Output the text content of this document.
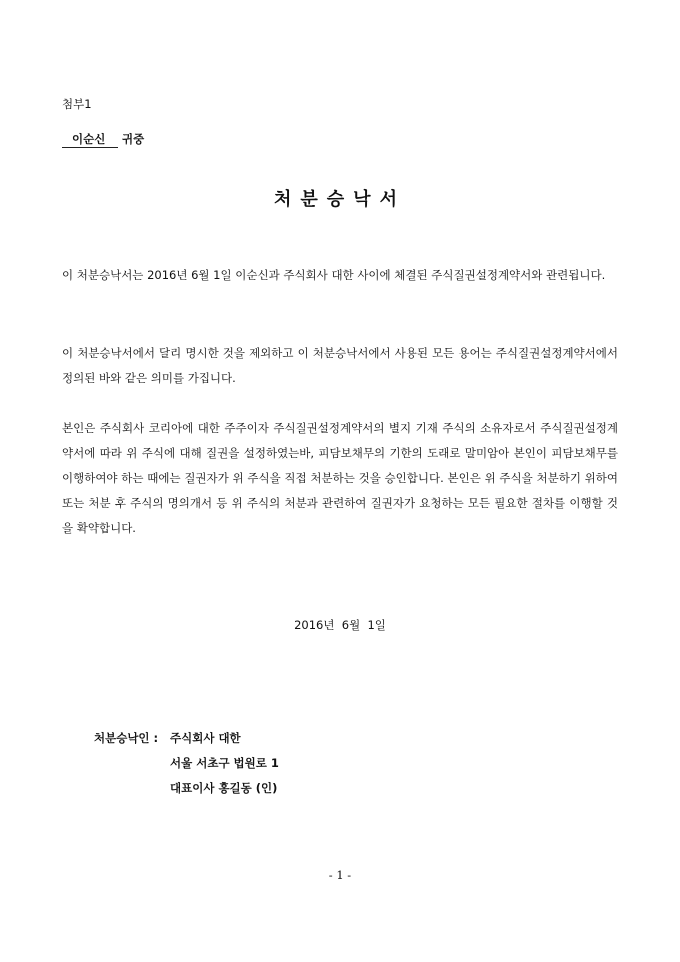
첨부1
이순신	귀중
처분승낙서
이 처분승낙서는 2016년 6월 1일 이순신과 주식회사 대한 사이에 체결된 주식질권설정계약서와 관련됩니다.
이 처분승낙서에서 달리 명시한 것을 제외하고 이 처분승낙서에서 사용된 모든 용어는 주식질권설정계약서에서 정의된 바와 같은 의미를 가집니다.
본인은 주식회사 코리아에 대한 주주이자 주식질권설정계약서의 별지 기재 주식의 소유자로서 주식질권설정계약서에 따라 위 주식에 대해 질권을 설정하였는바, 피담보채무의 기한의 도래로 말미암아 본인이 피담보채무를 이행하여야 하는 때에는 질권자가 위 주식을 직접 처분하는 것을 승인합니다. 본인은 위 주식을 처분하기 위하여 또는 처분 후 주식의 명의개서 등 위 주식의 처분과 관련하여 질권자가 요청하는 모든 필요한 절차를 이행할 것을 확약합니다.
2016년  6월  1일
처분승낙인 : 주식회사 대한
서울 서초구 법원로 1
대표이사 홍길동 (인)
- 1 -
